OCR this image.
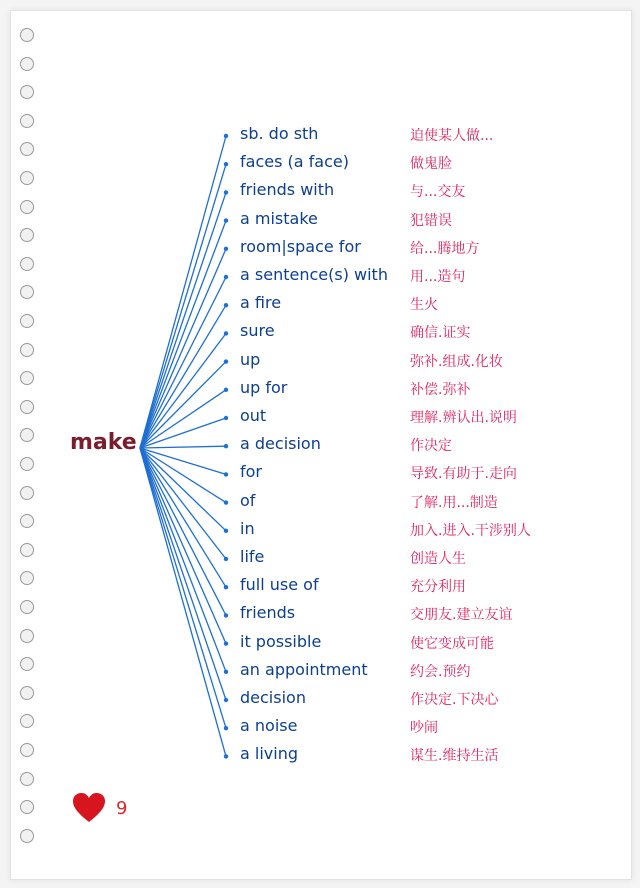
make
sb. do sth	迫使某人做...
faces (a face)	做鬼脸
friends with	与...交友
a mistake	犯错误
room|space for	给...腾地方
a sentence(s) with 用...造句
a fire	生火
sure	确信.证实
up	弥补.组成.化妆
up for	补偿.弥补
out	理解.辨认出.说明
a decision	作决定
for	导致.有助于.走向
of	了解.用...制造
in	加入.进入.干涉别人
life	创造人生
full use of	充分利用
friends	交朋友.建立友谊
it possible	使它变成可能
an appointment	约会.预约
decision	作决定.下决心
a noise	吵闹
a living	谋生.维持生活
9
